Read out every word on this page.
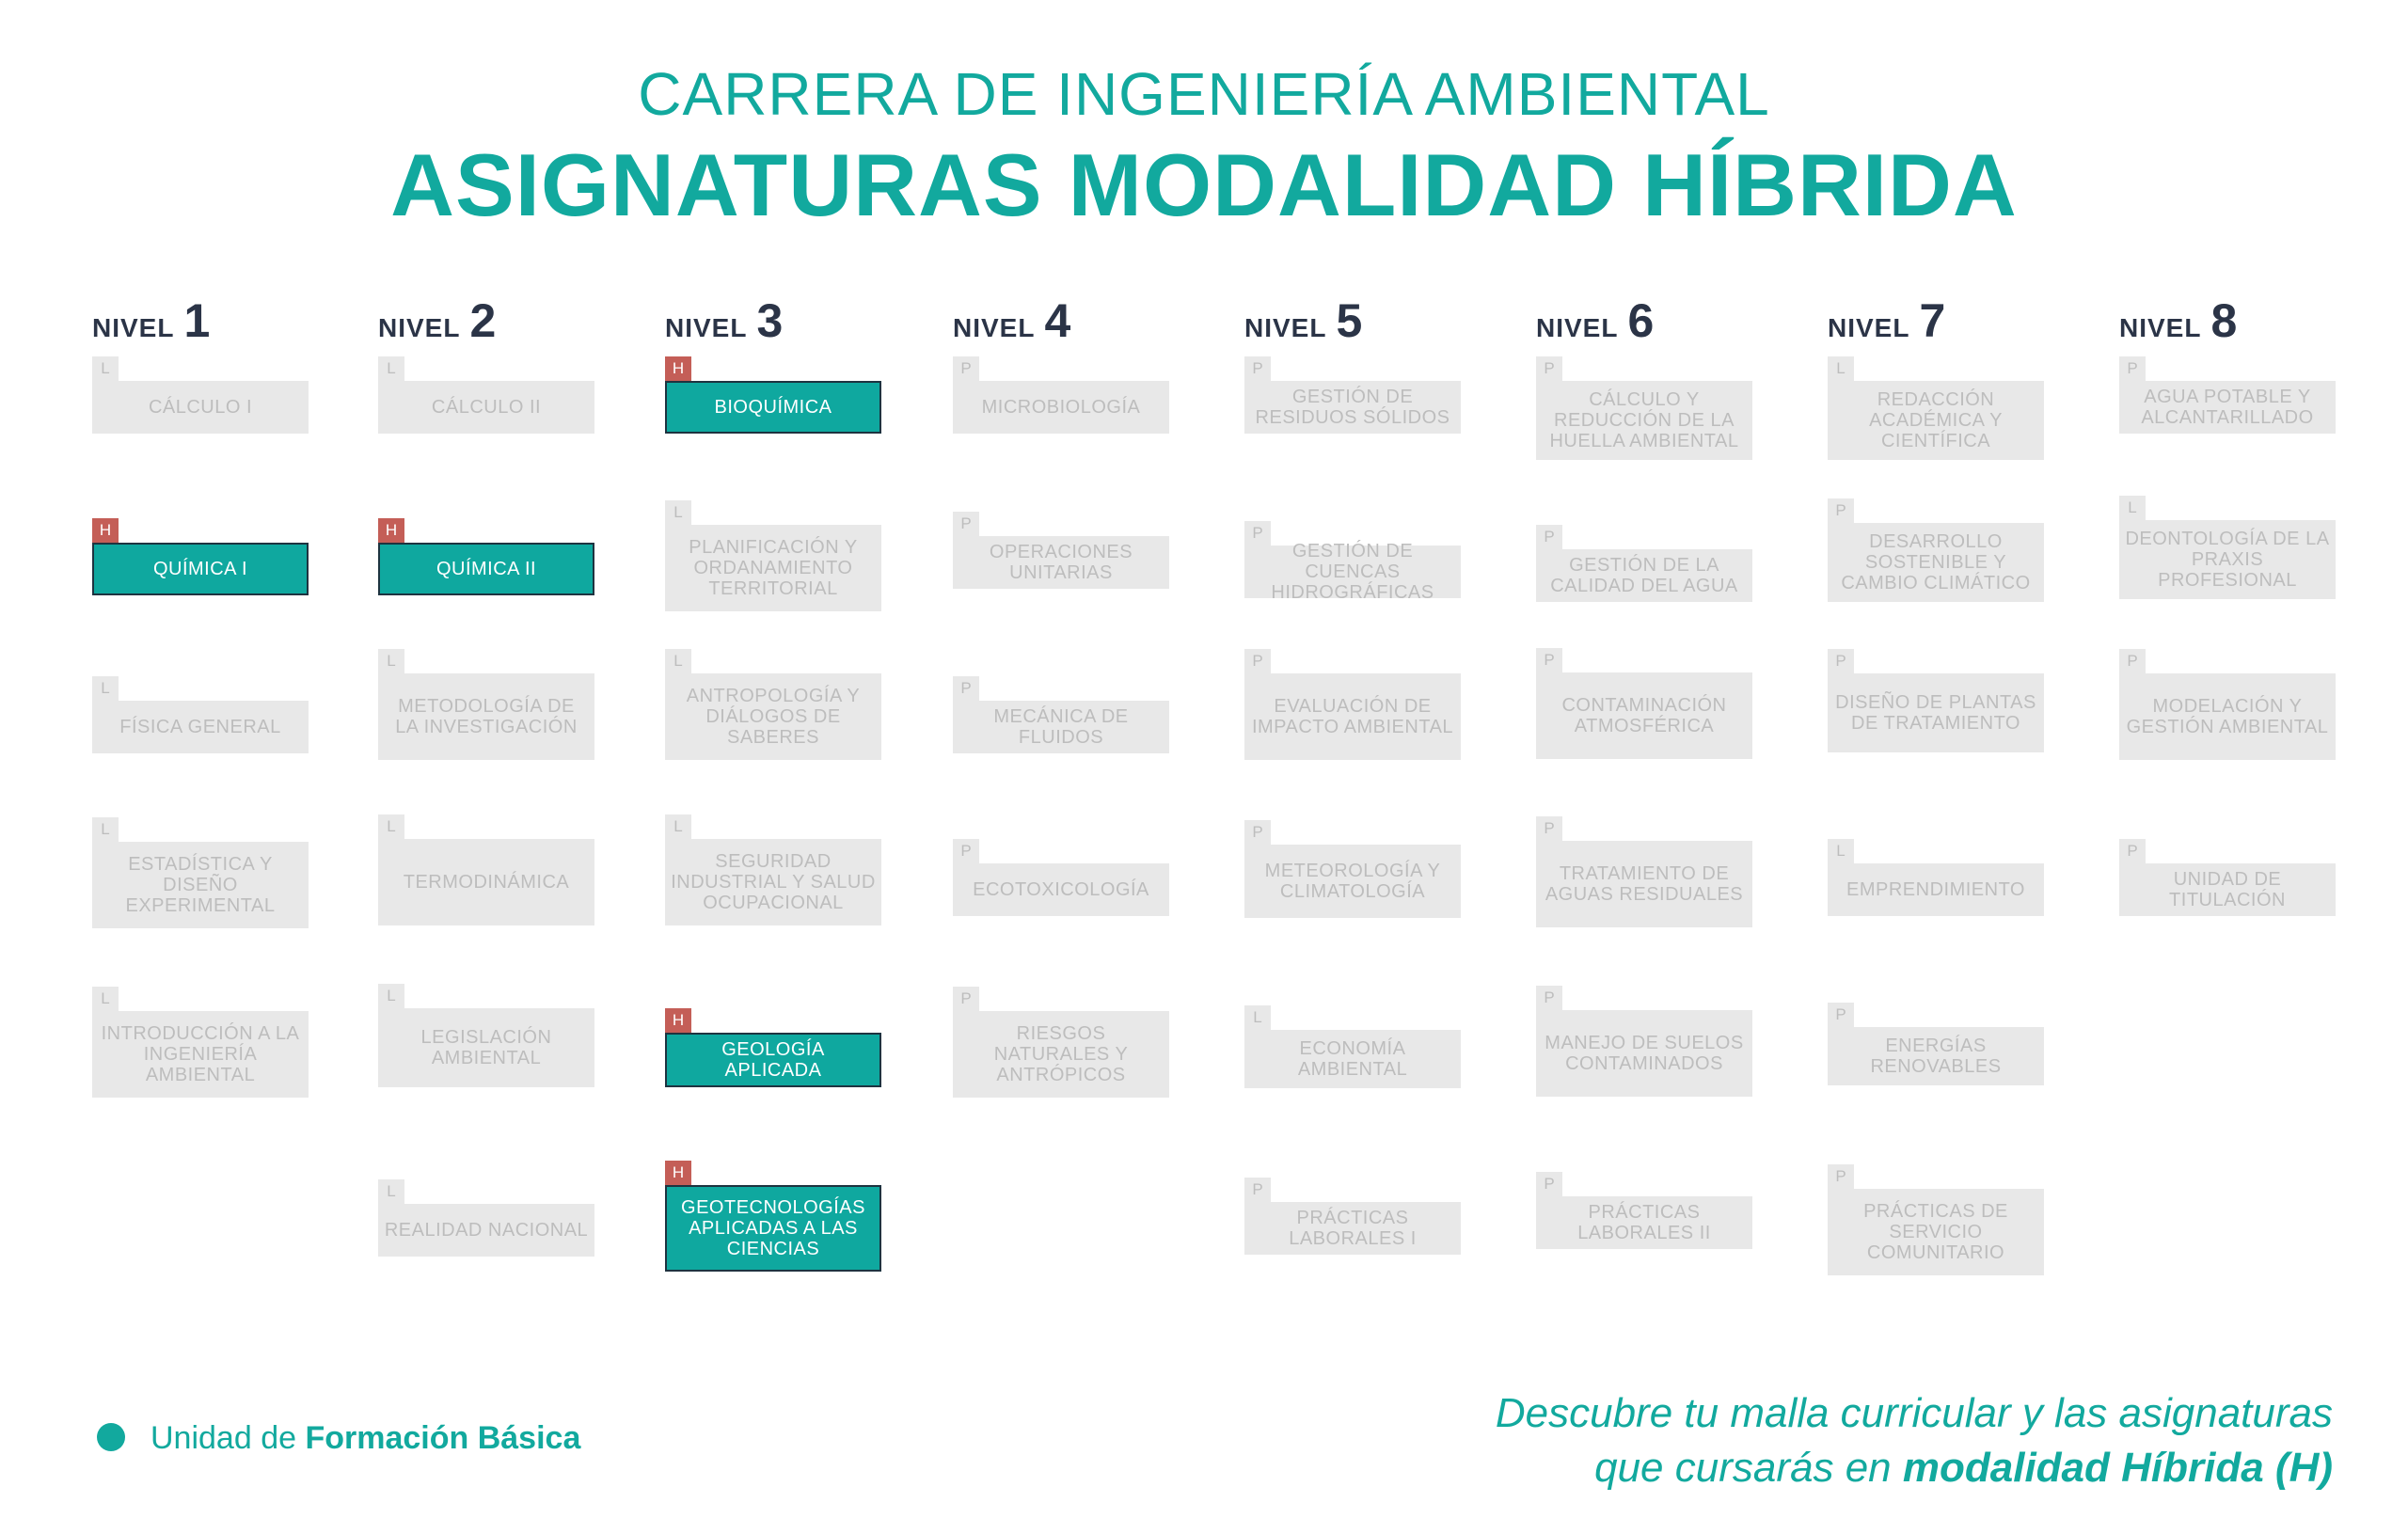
CARRERA DE INGENIERÍA AMBIENTAL
ASIGNATURAS MODALIDAD HÍBRIDA
NIVEL 1
L
CÁLCULO I
H
QUÍMICA I
L
FÍSICA GENERAL
L
ESTADÍSTICA Y DISEÑO EXPERIMENTAL
L
INTRODUCCIÓN A LA INGENIERÍA AMBIENTAL
NIVEL 2
L
CÁLCULO II
H
QUÍMICA II
L
METODOLOGÍA DE LA INVESTIGACIÓN
L
TERMODINÁMICA
L
LEGISLACIÓN AMBIENTAL
L
REALIDAD NACIONAL
NIVEL 3
H
BIOQUÍMICA
L
PLANIFICACIÓN Y ORDANAMIENTO TERRITORIAL
L
ANTROPOLOGÍA Y DIÁLOGOS DE SABERES
L
SEGURIDAD INDUSTRIAL Y SALUD OCUPACIONAL
H
GEOLOGÍA APLICADA
H
GEOTECNOLOGÍAS APLICADAS A LAS CIENCIAS
NIVEL 4
P
MICROBIOLOGÍA
P
OPERACIONES UNITARIAS
P
MECÁNICA DE FLUIDOS
P
ECOTOXICOLOGÍA
P
RIESGOS NATURALES Y ANTRÓPICOS
NIVEL 5
P
GESTIÓN DE RESIDUOS SÓLIDOS
P
GESTIÓN DE CUENCAS HIDROGRÁFICAS
P
EVALUACIÓN DE IMPACTO AMBIENTAL
P
METEOROLOGÍA Y CLIMATOLOGÍA
L
ECONOMÍA AMBIENTAL
P
PRÁCTICAS LABORALES I
NIVEL 6
P
CÁLCULO Y REDUCCIÓN DE LA HUELLA AMBIENTAL
P
GESTIÓN DE LA CALIDAD DEL AGUA
P
CONTAMINACIÓN ATMOSFÉRICA
P
TRATAMIENTO DE AGUAS RESIDUALES
P
MANEJO DE SUELOS CONTAMINADOS
P
PRÁCTICAS LABORALES II
NIVEL 7
L
REDACCIÓN ACADÉMICA Y CIENTÍFICA
P
DESARROLLO SOSTENIBLE Y CAMBIO CLIMÁTICO
P
DISEÑO DE PLANTAS DE TRATAMIENTO
L
EMPRENDIMIENTO
P
ENERGÍAS RENOVABLES
P
PRÁCTICAS DE SERVICIO COMUNITARIO
NIVEL 8
P
AGUA POTABLE Y ALCANTARILLADO
L
DEONTOLOGÍA DE LA PRAXIS PROFESIONAL
P
MODELACIÓN Y GESTIÓN AMBIENTAL
P
UNIDAD DE TITULACIÓN
Unidad de Formación Básica
Descubre tu malla curricular y las asignaturas
que cursarás en modalidad Híbrida (H)
